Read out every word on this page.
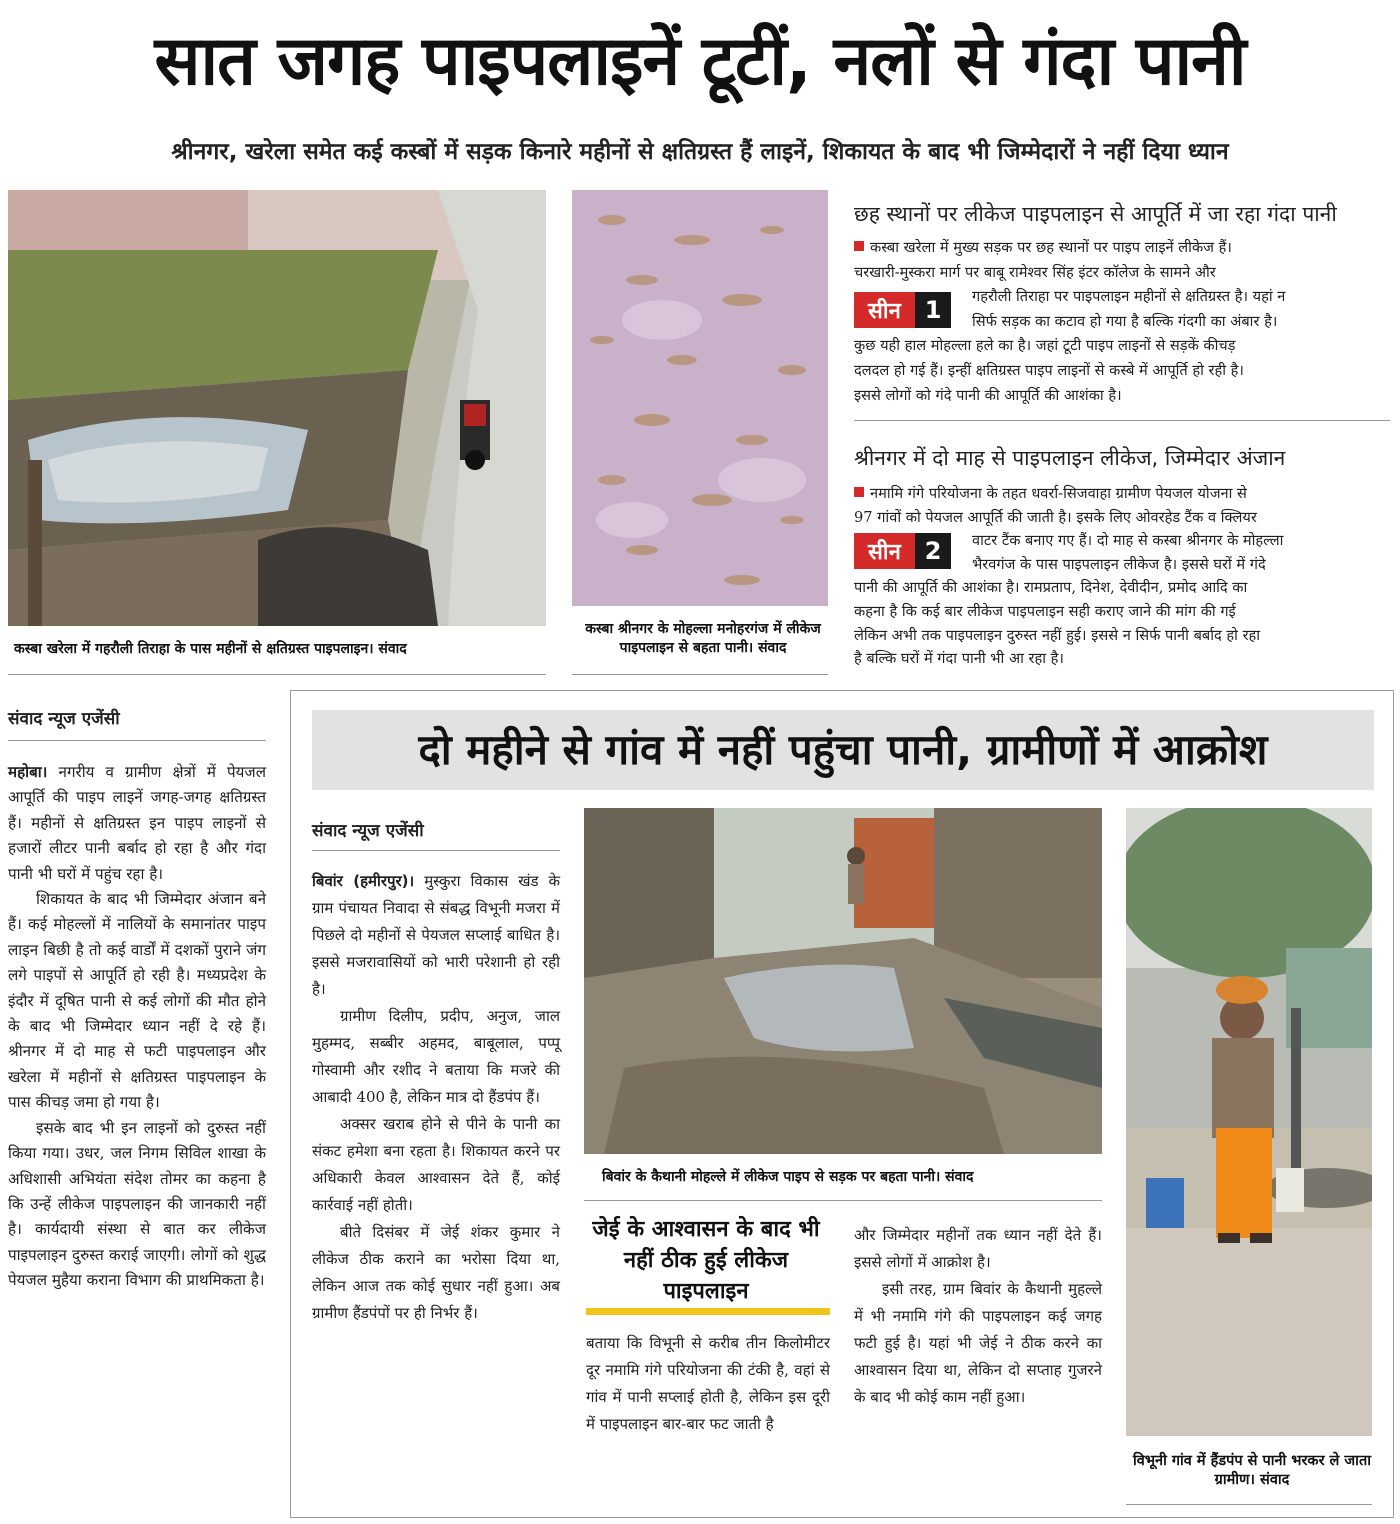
सात जगह पाइपलाइनें टूटीं, नलों से गंदा पानी
श्रीनगर, खरेला समेत कई कस्बों में सड़क किनारे महीनों से क्षतिग्रस्त हैं लाइनें, शिकायत के बाद भी जिम्मेदारों ने नहीं दिया ध्यान
कस्बा खरेला में गहरौली तिराहा के पास महीनों से क्षतिग्रस्त पाइपलाइन। संवाद
कस्बा श्रीनगर के मोहल्ला मनोहरगंज में लीकेज पाइपलाइन से बहता पानी। संवाद
छह स्थानों पर लीकेज पाइपलाइन से आपूर्ति में जा रहा गंदा पानी
कस्बा खरेला में मुख्य सड़क पर छह स्थानों पर पाइप लाइनें लीकेज हैं।
चरखारी-मुस्करा मार्ग पर बाबू रामेश्वर सिंह इंटर कॉलेज के सामने और
गहरौली तिराहा पर पाइपलाइन महीनों से क्षतिग्रस्त है। यहां न
सिर्फ सड़क का कटाव हो गया है बल्कि गंदगी का अंबार है।
कुछ यही हाल मोहल्ला हले का है। जहां टूटी पाइप लाइनों से सड़कें कीचड़
दलदल हो गई हैं। इन्हीं क्षतिग्रस्त पाइप लाइनों से कस्बे में आपूर्ति हो रही है।
इससे लोगों को गंदे पानी की आपूर्ति की आशंका है।
सीन	1
श्रीनगर में दो माह से पाइपलाइन लीकेज, जिम्मेदार अंजान
नमामि गंगे परियोजना के तहत धवर्रा-सिजवाहा ग्रामीण पेयजल योजना से
97 गांवों को पेयजल आपूर्ति की जाती है। इसके लिए ओवरहेड टैंक व क्लियर
वाटर टैंक बनाए गए हैं। दो माह से कस्बा श्रीनगर के मोहल्ला
भैरवगंज के पास पाइपलाइन लीकेज है। इससे घरों में गंदे
पानी की आपूर्ति की आशंका है। रामप्रताप, दिनेश, देवीदीन, प्रमोद आदि का
कहना है कि कई बार लीकेज पाइपलाइन सही कराए जाने की मांग की गई
लेकिन अभी तक पाइपलाइन दुरुस्त नहीं हुई। इससे न सिर्फ पानी बर्बाद हो रहा
है बल्कि घरों में गंदा पानी भी आ रहा है।
सीन	2
संवाद न्यूज एजेंसी

महोबा। नगरीय व ग्रामीण क्षेत्रों में पेयजल आपूर्ति की पाइप लाइनें जगह-जगह क्षतिग्रस्त हैं। महीनों से क्षतिग्रस्त इन पाइप लाइनों से हजारों लीटर पानी बर्बाद हो रहा है और गंदा पानी भी घरों में पहुंच रहा है।

शिकायत के बाद भी जिम्मेदार अंजान बने हैं। कई मोहल्लों में नालियों के समानांतर पाइप लाइन बिछी है तो कई वार्डों में दशकों पुराने जंग लगे पाइपों से आपूर्ति हो रही है। मध्यप्रदेश के इंदौर में दूषित पानी से कई लोगों की मौत होने के बाद भी जिम्मेदार ध्यान नहीं दे रहे हैं। श्रीनगर में दो माह से फटी पाइपलाइन और खरेला में महीनों से क्षतिग्रस्त पाइपलाइन के पास कीचड़ जमा हो गया है।

इसके बाद भी इन लाइनों को दुरुस्त नहीं किया गया। उधर, जल निगम सिविल शाखा के अधिशासी अभियंता संदेश तोमर का कहना है कि उन्हें लीकेज पाइपलाइन की जानकारी नहीं है। कार्यदायी संस्था से बात कर लीकेज पाइपलाइन दुरुस्त कराई जाएगी। लोगों को शुद्ध पेयजल मुहैया कराना विभाग की प्राथमिकता है।

दो महीने से गांव में नहीं पहुंचा पानी, ग्रामीणों में आक्रोश
संवाद न्यूज एजेंसी

बिवांर (हमीरपुर)। मुस्कुरा विकास खंड के ग्राम पंचायत निवादा से संबद्ध विभूनी मजरा में पिछले दो महीनों से पेयजल सप्लाई बाधित है। इससे मजरावासियों को भारी परेशानी हो रही है।

ग्रामीण दिलीप, प्रदीप, अनुज, जाल मुहम्मद, सब्बीर अहमद, बाबूलाल, पप्पू गोस्वामी और रशीद ने बताया कि मजरे की आबादी 400 है, लेकिन मात्र दो हैंडपंप हैं।

अक्सर खराब होने से पीने के पानी का संकट हमेशा बना रहता है। शिकायत करने पर अधिकारी केवल आश्वासन देते हैं, कोई कार्रवाई नहीं होती।

बीते दिसंबर में जेई शंकर कुमार ने लीकेज ठीक कराने का भरोसा दिया था, लेकिन आज तक कोई सुधार नहीं हुआ। अब ग्रामीण हैंडपंपों पर ही निर्भर हैं।

बिवांर के कैथानी मोहल्ले में लीकेज पाइप से सड़क पर बहता पानी। संवाद
जेई के आश्वासन के बाद भी नहीं ठीक हुई लीकेज पाइपलाइन

बताया कि विभूनी से करीब तीन किलोमीटर दूर नमामि गंगे परियोजना की टंकी है, वहां से गांव में पानी सप्लाई होती है, लेकिन इस दूरी में पाइपलाइन बार-बार फट जाती है

और जिम्मेदार महीनों तक ध्यान नहीं देते हैं। इससे लोगों में आक्रोश है।

इसी तरह, ग्राम बिवांर के कैथानी मुहल्ले में भी नमामि गंगे की पाइपलाइन कई जगह फटी हुई है। यहां भी जेई ने ठीक करने का आश्वासन दिया था, लेकिन दो सप्ताह गुजरने के बाद भी कोई काम नहीं हुआ।

विभूनी गांव में हैंडपंप से पानी भरकर ले जाता ग्रामीण। संवाद
